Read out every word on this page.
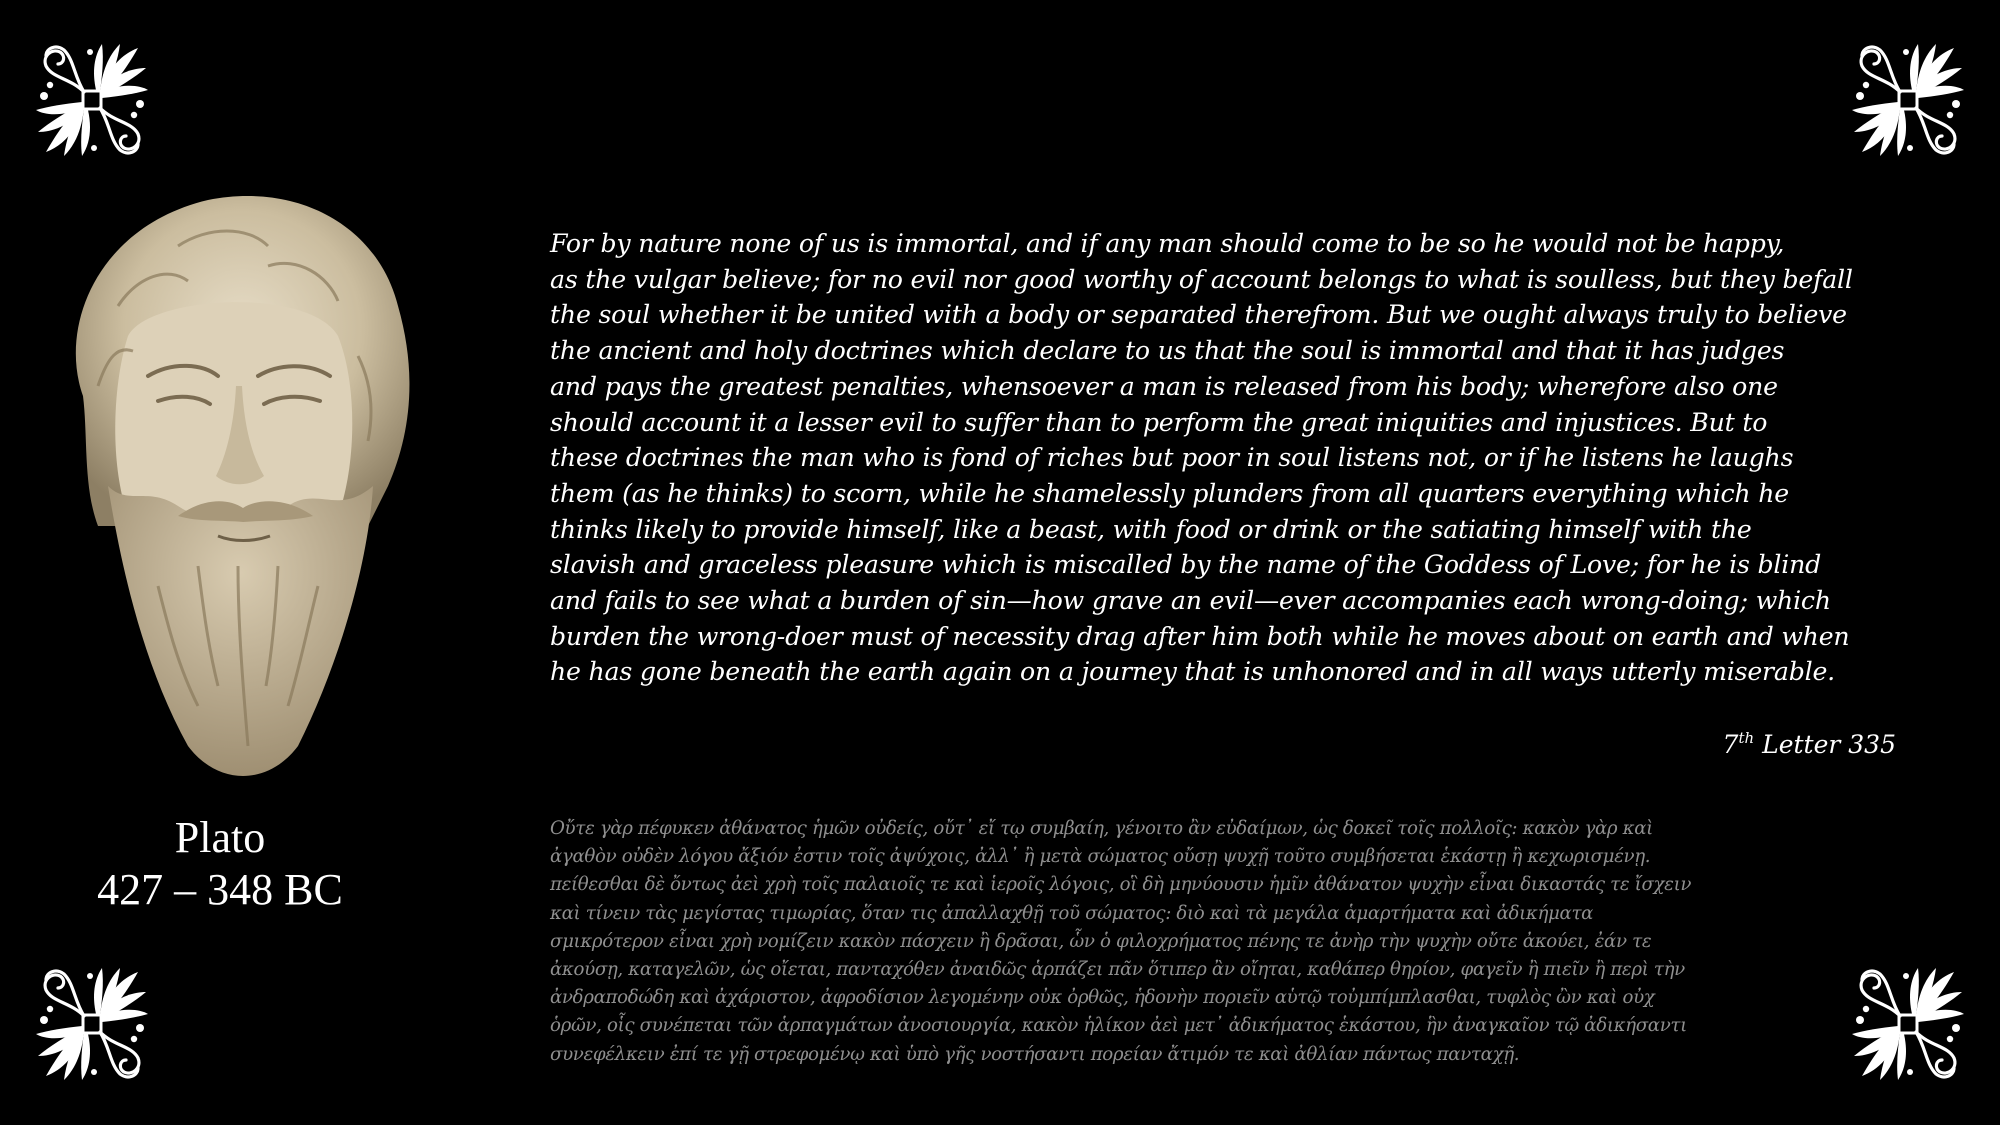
Plato
427 – 348 BC
For by nature none of us is immortal, and if any man should come to be so he would not be happy,
as the vulgar believe; for no evil nor good worthy of account belongs to what is soulless, but they befall
the soul whether it be united with a body or separated therefrom. But we ought always truly to believe
the ancient and holy doctrines which declare to us that the soul is immortal and that it has judges
and pays the greatest penalties, whensoever a man is released from his body; wherefore also one
should account it a lesser evil to suffer than to perform the great iniquities and injustices. But to
these doctrines the man who is fond of riches but poor in soul listens not, or if he listens he laughs
them (as he thinks) to scorn, while he shamelessly plunders from all quarters everything which he
thinks likely to provide himself, like a beast, with food or drink or the satiating himself with the
slavish and graceless pleasure which is miscalled by the name of the Goddess of Love; for he is blind
and fails to see what a burden of sin—how grave an evil—ever accompanies each wrong-doing; which
burden the wrong-doer must of necessity drag after him both while he moves about on earth and when
he has gone beneath the earth again on a journey that is unhonored and in all ways utterly miserable.
7th Letter 335
Οὔτε γὰρ πέφυκεν ἀθάνατος ἡμῶν οὐδείς, οὔτ᾽ εἴ τῳ συμβαίη, γένοιτο ἂν εὐδαίμων, ὡς δοκεῖ τοῖς πολλοῖς: κακὸν γὰρ καὶ
ἀγαθὸν οὐδὲν λόγου ἄξιόν ἐστιν τοῖς ἀψύχοις, ἀλλ᾽ ἢ μετὰ σώματος οὔσῃ ψυχῇ τοῦτο συμβήσεται ἑκάστῃ ἢ κεχωρισμένῃ.
πείθεσθαι δὲ ὄντως ἀεὶ χρὴ τοῖς παλαιοῖς τε καὶ ἱεροῖς λόγοις, οἳ δὴ μηνύουσιν ἡμῖν ἀθάνατον ψυχὴν εἶναι δικαστάς τε ἴσχειν
καὶ τίνειν τὰς μεγίστας τιμωρίας, ὅταν τις ἀπαλλαχθῇ τοῦ σώματος: διὸ καὶ τὰ μεγάλα ἁμαρτήματα καὶ ἀδικήματα
σμικρότερον εἶναι χρὴ νομίζειν κακὸν πάσχειν ἢ δρᾶσαι, ὧν ὁ φιλοχρήματος πένης τε ἀνὴρ τὴν ψυχὴν οὔτε ἀκούει, ἐάν τε
ἀκούσῃ, καταγελῶν, ὡς οἴεται, πανταχόθεν ἀναιδῶς ἁρπάζει πᾶν ὅτιπερ ἂν οἴηται, καθάπερ θηρίον, φαγεῖν ἢ πιεῖν ἢ περὶ τὴν
ἀνδραποδώδη καὶ ἀχάριστον, ἀφροδίσιον λεγομένην οὐκ ὀρθῶς, ἡδονὴν ποριεῖν αὑτῷ τοὐμπίμπλασθαι, τυφλὸς ὢν καὶ οὐχ
ὁρῶν, οἷς συνέπεται τῶν ἁρπαγμάτων ἀνοσιουργία, κακὸν ἡλίκον ἀεὶ μετ᾽ ἀδικήματος ἑκάστου, ἣν ἀναγκαῖον τῷ ἀδικήσαντι
συνεφέλκειν ἐπί τε γῇ στρεφομένῳ καὶ ὑπὸ γῆς νοστήσαντι πορείαν ἄτιμόν τε καὶ ἀθλίαν πάντως πανταχῇ.
